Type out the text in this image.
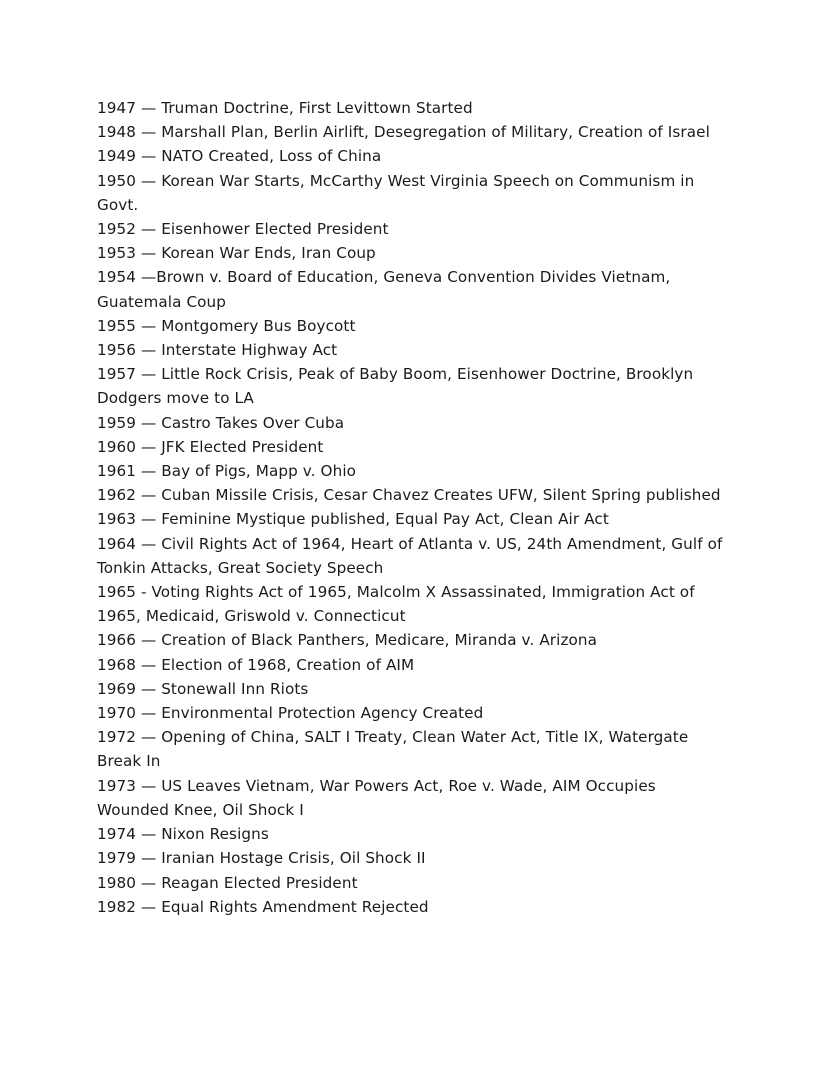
1947 — Truman Doctrine, First Levittown Started
1948 — Marshall Plan, Berlin Airlift, Desegregation of Military, Creation of Israel
1949 — NATO Created, Loss of China
1950 — Korean War Starts, McCarthy West Virginia Speech on Communism in Govt.
1952 — Eisenhower Elected President
1953 — Korean War Ends, Iran Coup
1954 —Brown v. Board of Education, Geneva Convention Divides Vietnam, Guatemala Coup
1955 — Montgomery Bus Boycott
1956 — Interstate Highway Act
1957 — Little Rock Crisis, Peak of Baby Boom, Eisenhower Doctrine, Brooklyn Dodgers move to LA
1959 — Castro Takes Over Cuba
1960 — JFK Elected President
1961 — Bay of Pigs, Mapp v. Ohio
1962 — Cuban Missile Crisis, Cesar Chavez Creates UFW, Silent Spring published
1963 — Feminine Mystique published, Equal Pay Act, Clean Air Act
1964 — Civil Rights Act of 1964, Heart of Atlanta v. US, 24th Amendment, Gulf of Tonkin Attacks, Great Society Speech
1965 - Voting Rights Act of 1965, Malcolm X Assassinated, Immigration Act of 1965, Medicaid, Griswold v. Connecticut
1966 — Creation of Black Panthers, Medicare, Miranda v. Arizona
1968 — Election of 1968, Creation of AIM
1969 — Stonewall Inn Riots
1970 — Environmental Protection Agency Created
1972 — Opening of China, SALT I Treaty, Clean Water Act, Title IX, Watergate Break In
1973 — US Leaves Vietnam, War Powers Act, Roe v. Wade, AIM Occupies Wounded Knee, Oil Shock I
1974 — Nixon Resigns
1979 — Iranian Hostage Crisis, Oil Shock II
1980 — Reagan Elected President
1982 — Equal Rights Amendment Rejected
